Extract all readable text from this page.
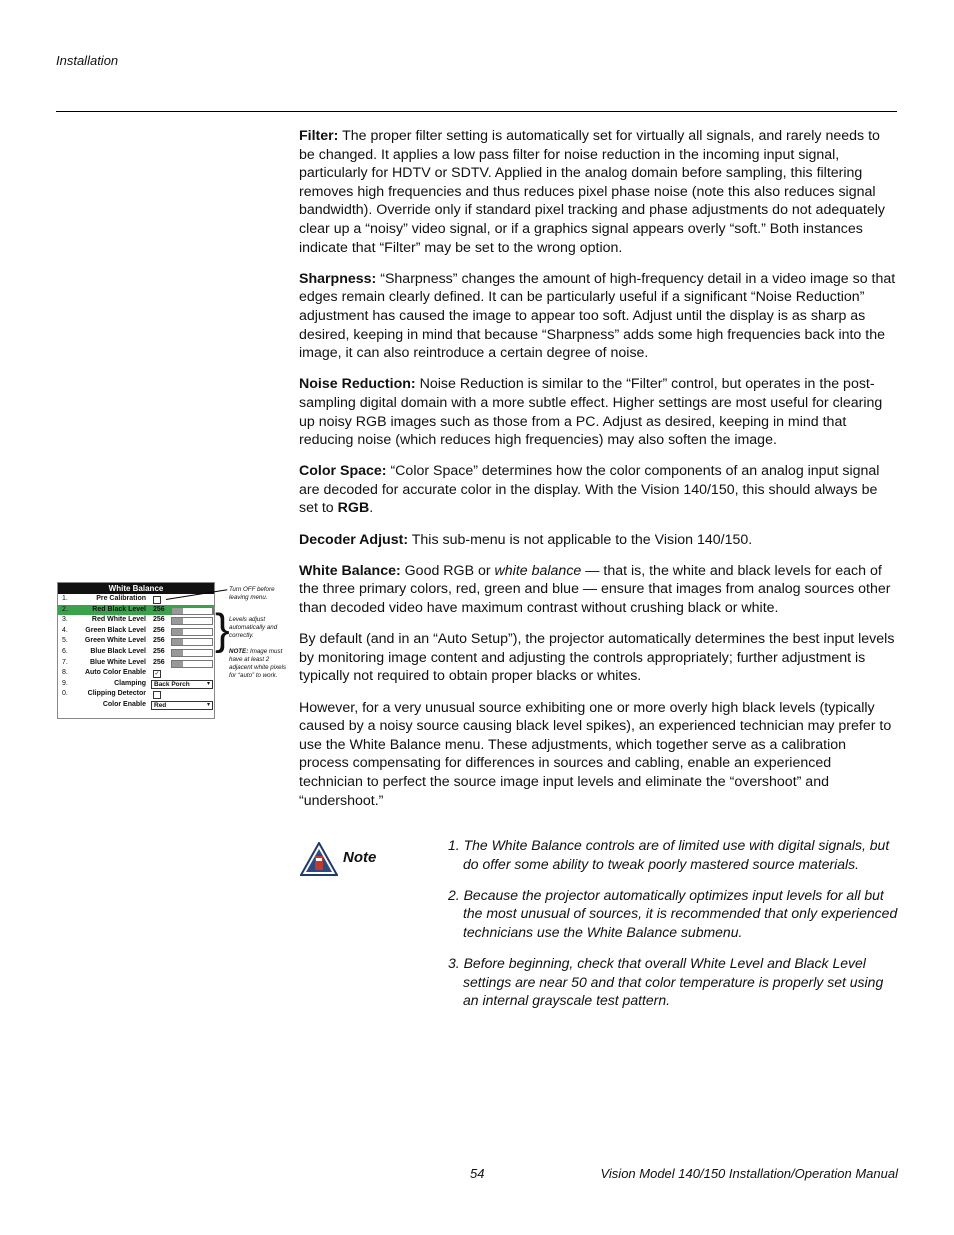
Installation

Filter: The proper filter setting is automatically set for virtually all signals, and rarely needs to be changed. It applies a low pass filter for noise reduction in the incoming input signal, particularly for HDTV or SDTV. Applied in the analog domain before sampling, this filtering removes high frequencies and thus reduces pixel phase noise (note this also reduces signal bandwidth). Override only if standard pixel tracking and phase adjustments do not adequately clear up a “noisy” video signal, or if a graphics signal appears overly “soft.” Both instances indicate that “Filter” may be set to the wrong option.

Sharpness: “Sharpness” changes the amount of high-frequency detail in a video image so that edges remain clearly defined. It can be particularly useful if a significant “Noise Reduction” adjustment has caused the image to appear too soft. Adjust until the display is as sharp as desired, keeping in mind that because “Sharpness” adds some high frequencies back into the image, it can also reintroduce a certain degree of noise.

Noise Reduction: Noise Reduction is similar to the “Filter” control, but operates in the post-sampling digital domain with a more subtle effect. Higher settings are most useful for clearing up noisy RGB images such as those from a PC. Adjust as desired, keeping in mind that reducing noise (which reduces high frequencies) may also soften the image.

Color Space: “Color Space” determines how the color components of an analog input signal are decoded for accurate color in the display. With the Vision 140/150, this should always be set to RGB.

Decoder Adjust: This sub-menu is not applicable to the Vision 140/150.

White Balance: Good RGB or white balance — that is, the white and black levels for each of the three primary colors, red, green and blue — ensure that images from analog sources other than decoded video have maximum contrast without crushing black or white.

By default (and in an “Auto Setup”), the projector automatically determines the best input levels by monitoring image content and adjusting the controls appropriately; further adjustment is typically not required to obtain proper blacks or whites.

However, for a very unusual source exhibiting one or more overly high black levels (typically caused by a noisy source causing black level spikes), an experienced technician may prefer to use the White Balance menu. These adjustments, which together serve as a calibration process compensating for differences in sources and cabling, enable an experienced technician to perfect the source image input levels and eliminate the “overshoot” and “undershoot.”

White Balance
1.	Pre Calibration
2.	Red Black Level 256
3.	Red White Level 256
4. Green Black Level 256
5. Green White Level 256
6.	Blue Black Level 256
7.	Blue White Level 256
8. Auto Color Enable ✓
9.	Clamping	Back Porch ▾
0.	Clipping Detector
Color Enable	Red ▾
Turn OFF before leaving menu.
} Levels adjust automatically and correctly.
NOTE: Image must have at least 2 adjacent white pixels for “auto” to work.
Note
1. The White Balance controls are of limited use with digital signals, but do offer some ability to tweak poorly mastered source materials.
2. Because the projector automatically optimizes input levels for all but the most unusual of sources, it is recommended that only experienced technicians use the White Balance submenu.
3. Before beginning, check that overall White Level and Black Level settings are near 50 and that color temperature is properly set using an internal grayscale test pattern.
54	Vision Model 140/150 Installation/Operation Manual
